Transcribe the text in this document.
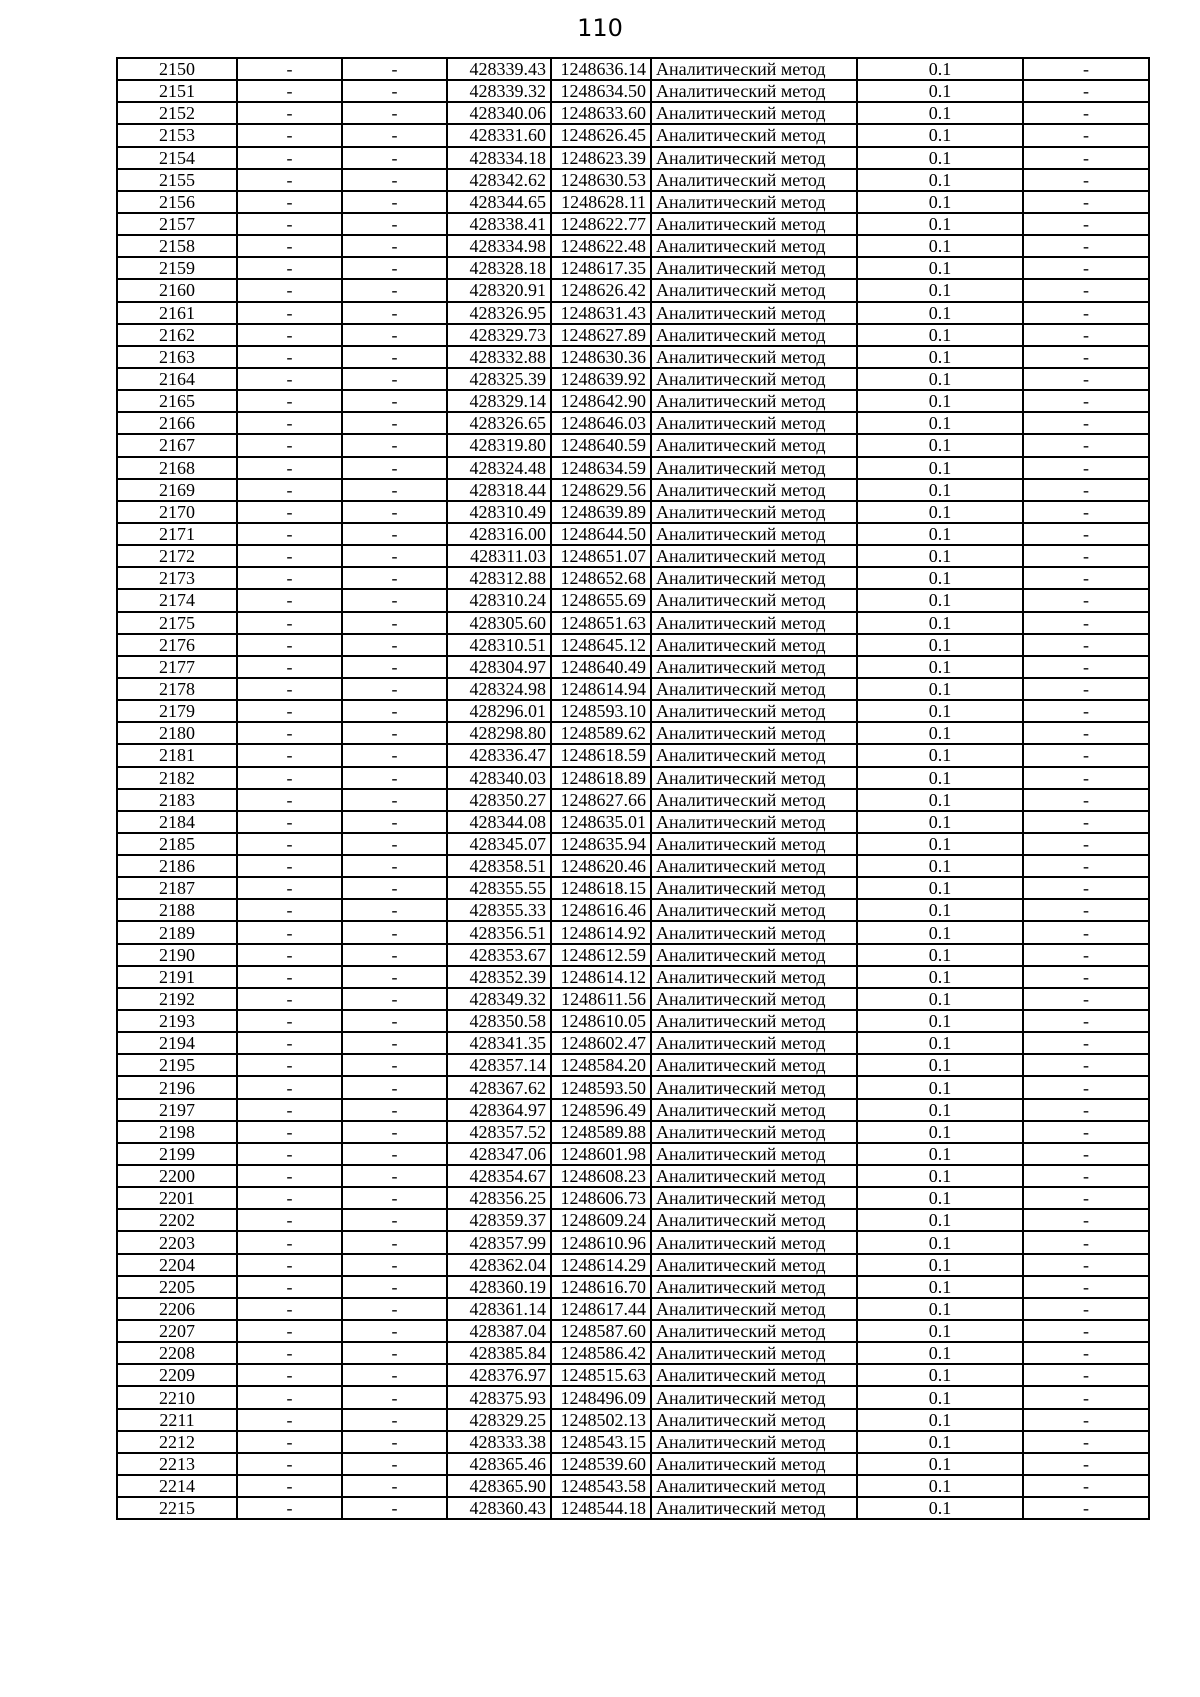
110
2150	-	-	428339.43	1248636.14	Аналитический метод	0.1	-
2151	-	-	428339.32	1248634.50	Аналитический метод	0.1	-
2152	-	-	428340.06	1248633.60	Аналитический метод	0.1	-
2153	-	-	428331.60	1248626.45	Аналитический метод	0.1	-
2154	-	-	428334.18	1248623.39	Аналитический метод	0.1	-
2155	-	-	428342.62	1248630.53	Аналитический метод	0.1	-
2156	-	-	428344.65	1248628.11	Аналитический метод	0.1	-
2157	-	-	428338.41	1248622.77	Аналитический метод	0.1	-
2158	-	-	428334.98	1248622.48	Аналитический метод	0.1	-
2159	-	-	428328.18	1248617.35	Аналитический метод	0.1	-
2160	-	-	428320.91	1248626.42	Аналитический метод	0.1	-
2161	-	-	428326.95	1248631.43	Аналитический метод	0.1	-
2162	-	-	428329.73	1248627.89	Аналитический метод	0.1	-
2163	-	-	428332.88	1248630.36	Аналитический метод	0.1	-
2164	-	-	428325.39	1248639.92	Аналитический метод	0.1	-
2165	-	-	428329.14	1248642.90	Аналитический метод	0.1	-
2166	-	-	428326.65	1248646.03	Аналитический метод	0.1	-
2167	-	-	428319.80	1248640.59	Аналитический метод	0.1	-
2168	-	-	428324.48	1248634.59	Аналитический метод	0.1	-
2169	-	-	428318.44	1248629.56	Аналитический метод	0.1	-
2170	-	-	428310.49	1248639.89	Аналитический метод	0.1	-
2171	-	-	428316.00	1248644.50	Аналитический метод	0.1	-
2172	-	-	428311.03	1248651.07	Аналитический метод	0.1	-
2173	-	-	428312.88	1248652.68	Аналитический метод	0.1	-
2174	-	-	428310.24	1248655.69	Аналитический метод	0.1	-
2175	-	-	428305.60	1248651.63	Аналитический метод	0.1	-
2176	-	-	428310.51	1248645.12	Аналитический метод	0.1	-
2177	-	-	428304.97	1248640.49	Аналитический метод	0.1	-
2178	-	-	428324.98	1248614.94	Аналитический метод	0.1	-
2179	-	-	428296.01	1248593.10	Аналитический метод	0.1	-
2180	-	-	428298.80	1248589.62	Аналитический метод	0.1	-
2181	-	-	428336.47	1248618.59	Аналитический метод	0.1	-
2182	-	-	428340.03	1248618.89	Аналитический метод	0.1	-
2183	-	-	428350.27	1248627.66	Аналитический метод	0.1	-
2184	-	-	428344.08	1248635.01	Аналитический метод	0.1	-
2185	-	-	428345.07	1248635.94	Аналитический метод	0.1	-
2186	-	-	428358.51	1248620.46	Аналитический метод	0.1	-
2187	-	-	428355.55	1248618.15	Аналитический метод	0.1	-
2188	-	-	428355.33	1248616.46	Аналитический метод	0.1	-
2189	-	-	428356.51	1248614.92	Аналитический метод	0.1	-
2190	-	-	428353.67	1248612.59	Аналитический метод	0.1	-
2191	-	-	428352.39	1248614.12	Аналитический метод	0.1	-
2192	-	-	428349.32	1248611.56	Аналитический метод	0.1	-
2193	-	-	428350.58	1248610.05	Аналитический метод	0.1	-
2194	-	-	428341.35	1248602.47	Аналитический метод	0.1	-
2195	-	-	428357.14	1248584.20	Аналитический метод	0.1	-
2196	-	-	428367.62	1248593.50	Аналитический метод	0.1	-
2197	-	-	428364.97	1248596.49	Аналитический метод	0.1	-
2198	-	-	428357.52	1248589.88	Аналитический метод	0.1	-
2199	-	-	428347.06	1248601.98	Аналитический метод	0.1	-
2200	-	-	428354.67	1248608.23	Аналитический метод	0.1	-
2201	-	-	428356.25	1248606.73	Аналитический метод	0.1	-
2202	-	-	428359.37	1248609.24	Аналитический метод	0.1	-
2203	-	-	428357.99	1248610.96	Аналитический метод	0.1	-
2204	-	-	428362.04	1248614.29	Аналитический метод	0.1	-
2205	-	-	428360.19	1248616.70	Аналитический метод	0.1	-
2206	-	-	428361.14	1248617.44	Аналитический метод	0.1	-
2207	-	-	428387.04	1248587.60	Аналитический метод	0.1	-
2208	-	-	428385.84	1248586.42	Аналитический метод	0.1	-
2209	-	-	428376.97	1248515.63	Аналитический метод	0.1	-
2210	-	-	428375.93	1248496.09	Аналитический метод	0.1	-
2211	-	-	428329.25	1248502.13	Аналитический метод	0.1	-
2212	-	-	428333.38	1248543.15	Аналитический метод	0.1	-
2213	-	-	428365.46	1248539.60	Аналитический метод	0.1	-
2214	-	-	428365.90	1248543.58	Аналитический метод	0.1	-
2215	-	-	428360.43	1248544.18	Аналитический метод	0.1	-
